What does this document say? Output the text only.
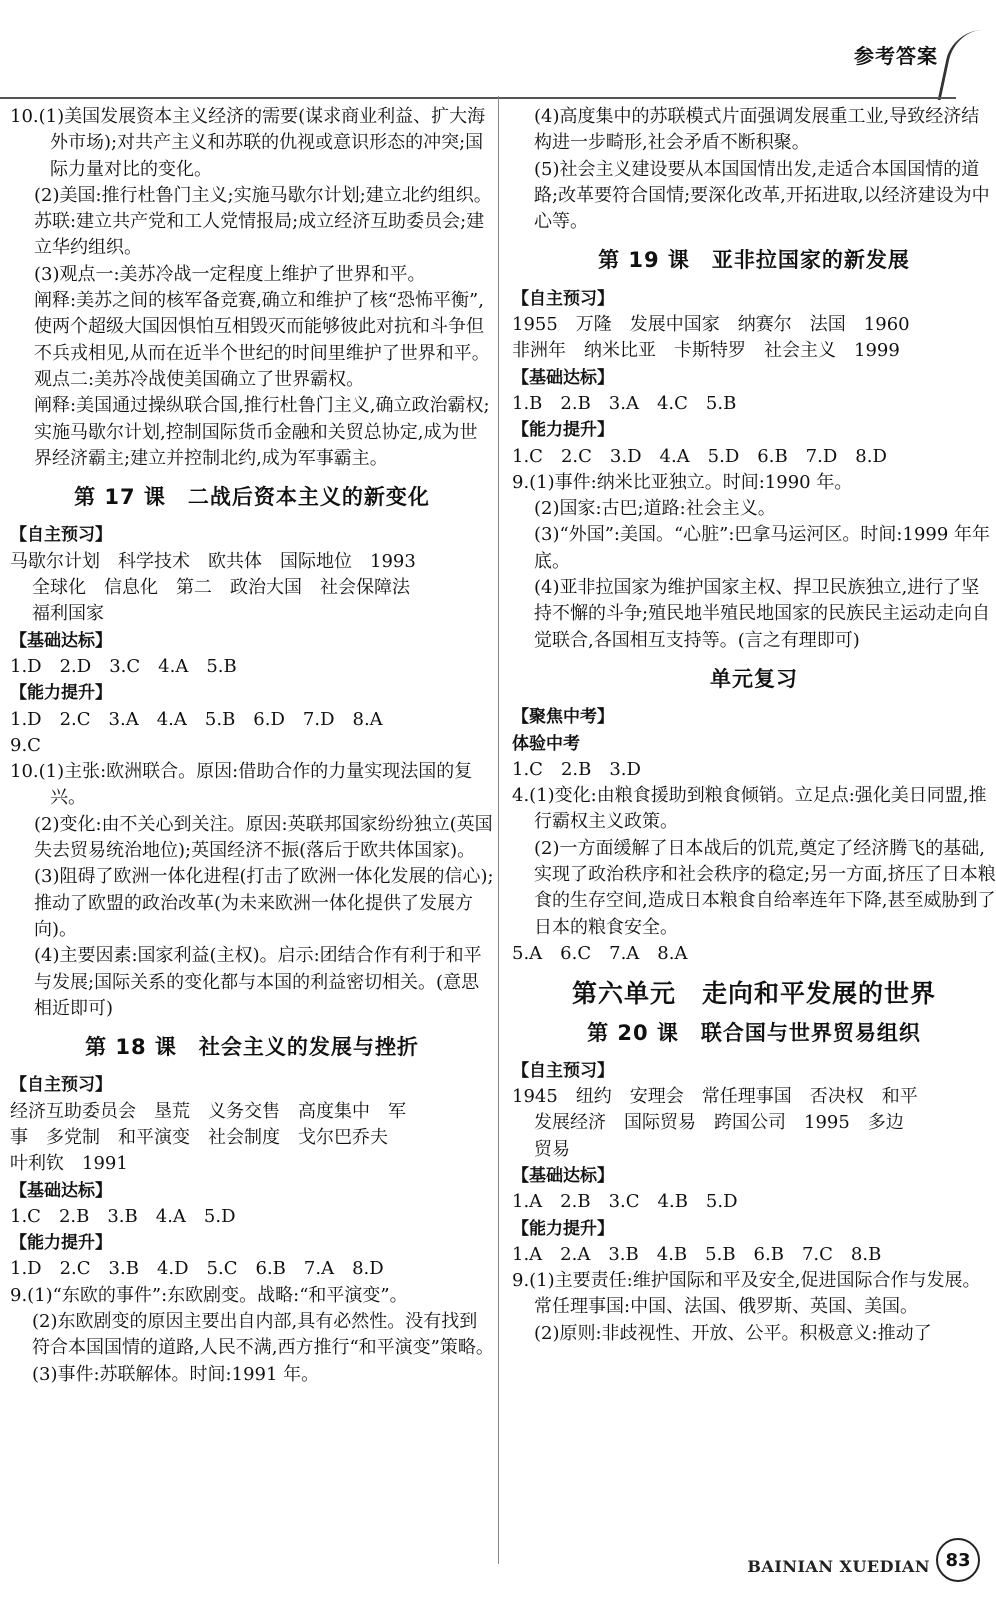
参考答案

10.(1)美国发展资本主义经济的需要(谋求商业利益、扩大海外市场);对共产主义和苏联的仇视或意识形态的冲突;国际力量对比的变化。

(2)美国:推行杜鲁门主义;实施马歇尔计划;建立北约组织。苏联:建立共产党和工人党情报局;成立经济互助委员会;建立华约组织。

(3)观点一:美苏冷战一定程度上维护了世界和平。

阐释:美苏之间的核军备竞赛,确立和维护了核“恐怖平衡”,使两个超级大国因惧怕互相毁灭而能够彼此对抗和斗争但不兵戎相见,从而在近半个世纪的时间里维护了世界和平。

观点二:美苏冷战使美国确立了世界霸权。

阐释:美国通过操纵联合国,推行杜鲁门主义,确立政治霸权;实施马歇尔计划,控制国际货币金融和关贸总协定,成为世界经济霸主;建立并控制北约,成为军事霸主。

第 17 课　二战后资本主义的新变化

【自主预习】

马歇尔计划　科学技术　欧共体　国际地位　1993

全球化　信息化　第二　政治大国　社会保障法

福利国家

【基础达标】

1.D　2.D　3.C　4.A　5.B

【能力提升】

1.D　2.C　3.A　4.A　5.B　6.D　7.D　8.A

9.C

10.(1)主张:欧洲联合。原因:借助合作的力量实现法国的复兴。

(2)变化:由不关心到关注。原因:英联邦国家纷纷独立(英国失去贸易统治地位);英国经济不振(落后于欧共体国家)。

(3)阻碍了欧洲一体化进程(打击了欧洲一体化发展的信心);推动了欧盟的政治改革(为未来欧洲一体化提供了发展方向)。

(4)主要因素:国家利益(主权)。启示:团结合作有利于和平与发展;国际关系的变化都与本国的利益密切相关。(意思相近即可)

第 18 课　社会主义的发展与挫折

【自主预习】

经济互助委员会　垦荒　义务交售　高度集中　军

事　多党制　和平演变　社会制度　戈尔巴乔夫

叶利钦　1991

【基础达标】

1.C　2.B　3.B　4.A　5.D

【能力提升】

1.D　2.C　3.B　4.D　5.C　6.B　7.A　8.D

9.(1)“东欧的事件”:东欧剧变。战略:“和平演变”。

(2)东欧剧变的原因主要出自内部,具有必然性。没有找到符合本国国情的道路,人民不满,西方推行“和平演变”策略。

(3)事件:苏联解体。时间:1991 年。

(4)高度集中的苏联模式片面强调发展重工业,导致经济结构进一步畸形,社会矛盾不断积聚。

(5)社会主义建设要从本国国情出发,走适合本国国情的道路;改革要符合国情;要深化改革,开拓进取,以经济建设为中心等。

第 19 课　亚非拉国家的新发展

【自主预习】

1955　万隆　发展中国家　纳赛尔　法国　1960

非洲年　纳米比亚　卡斯特罗　社会主义　1999

【基础达标】

1.B　2.B　3.A　4.C　5.B

【能力提升】

1.C　2.C　3.D　4.A　5.D　6.B　7.D　8.D

9.(1)事件:纳米比亚独立。时间:1990 年。

(2)国家:古巴;道路:社会主义。

(3)“外国”:美国。“心脏”:巴拿马运河区。时间:1999 年年底。

(4)亚非拉国家为维护国家主权、捍卫民族独立,进行了坚持不懈的斗争;殖民地半殖民地国家的民族民主运动走向自觉联合,各国相互支持等。(言之有理即可)

单元复习

【聚焦中考】

体验中考

1.C　2.B　3.D

4.(1)变化:由粮食援助到粮食倾销。立足点:强化美日同盟,推行霸权主义政策。

(2)一方面缓解了日本战后的饥荒,奠定了经济腾飞的基础,实现了政治秩序和社会秩序的稳定;另一方面,挤压了日本粮食的生存空间,造成日本粮食自给率连年下降,甚至威胁到了日本的粮食安全。

5.A　6.C　7.A　8.A

第六单元　走向和平发展的世界
第 20 课　联合国与世界贸易组织

【自主预习】

1945　纽约　安理会　常任理事国　否决权　和平

发展经济　国际贸易　跨国公司　1995　多边

贸易

【基础达标】

1.A　2.B　3.C　4.B　5.D

【能力提升】

1.A　2.A　3.B　4.B　5.B　6.B　7.C　8.B

9.(1)主要责任:维护国际和平及安全,促进国际合作与发展。常任理事国:中国、法国、俄罗斯、英国、美国。

(2)原则:非歧视性、开放、公平。积极意义:推动了

BAINIAN XUEDIAN 83
